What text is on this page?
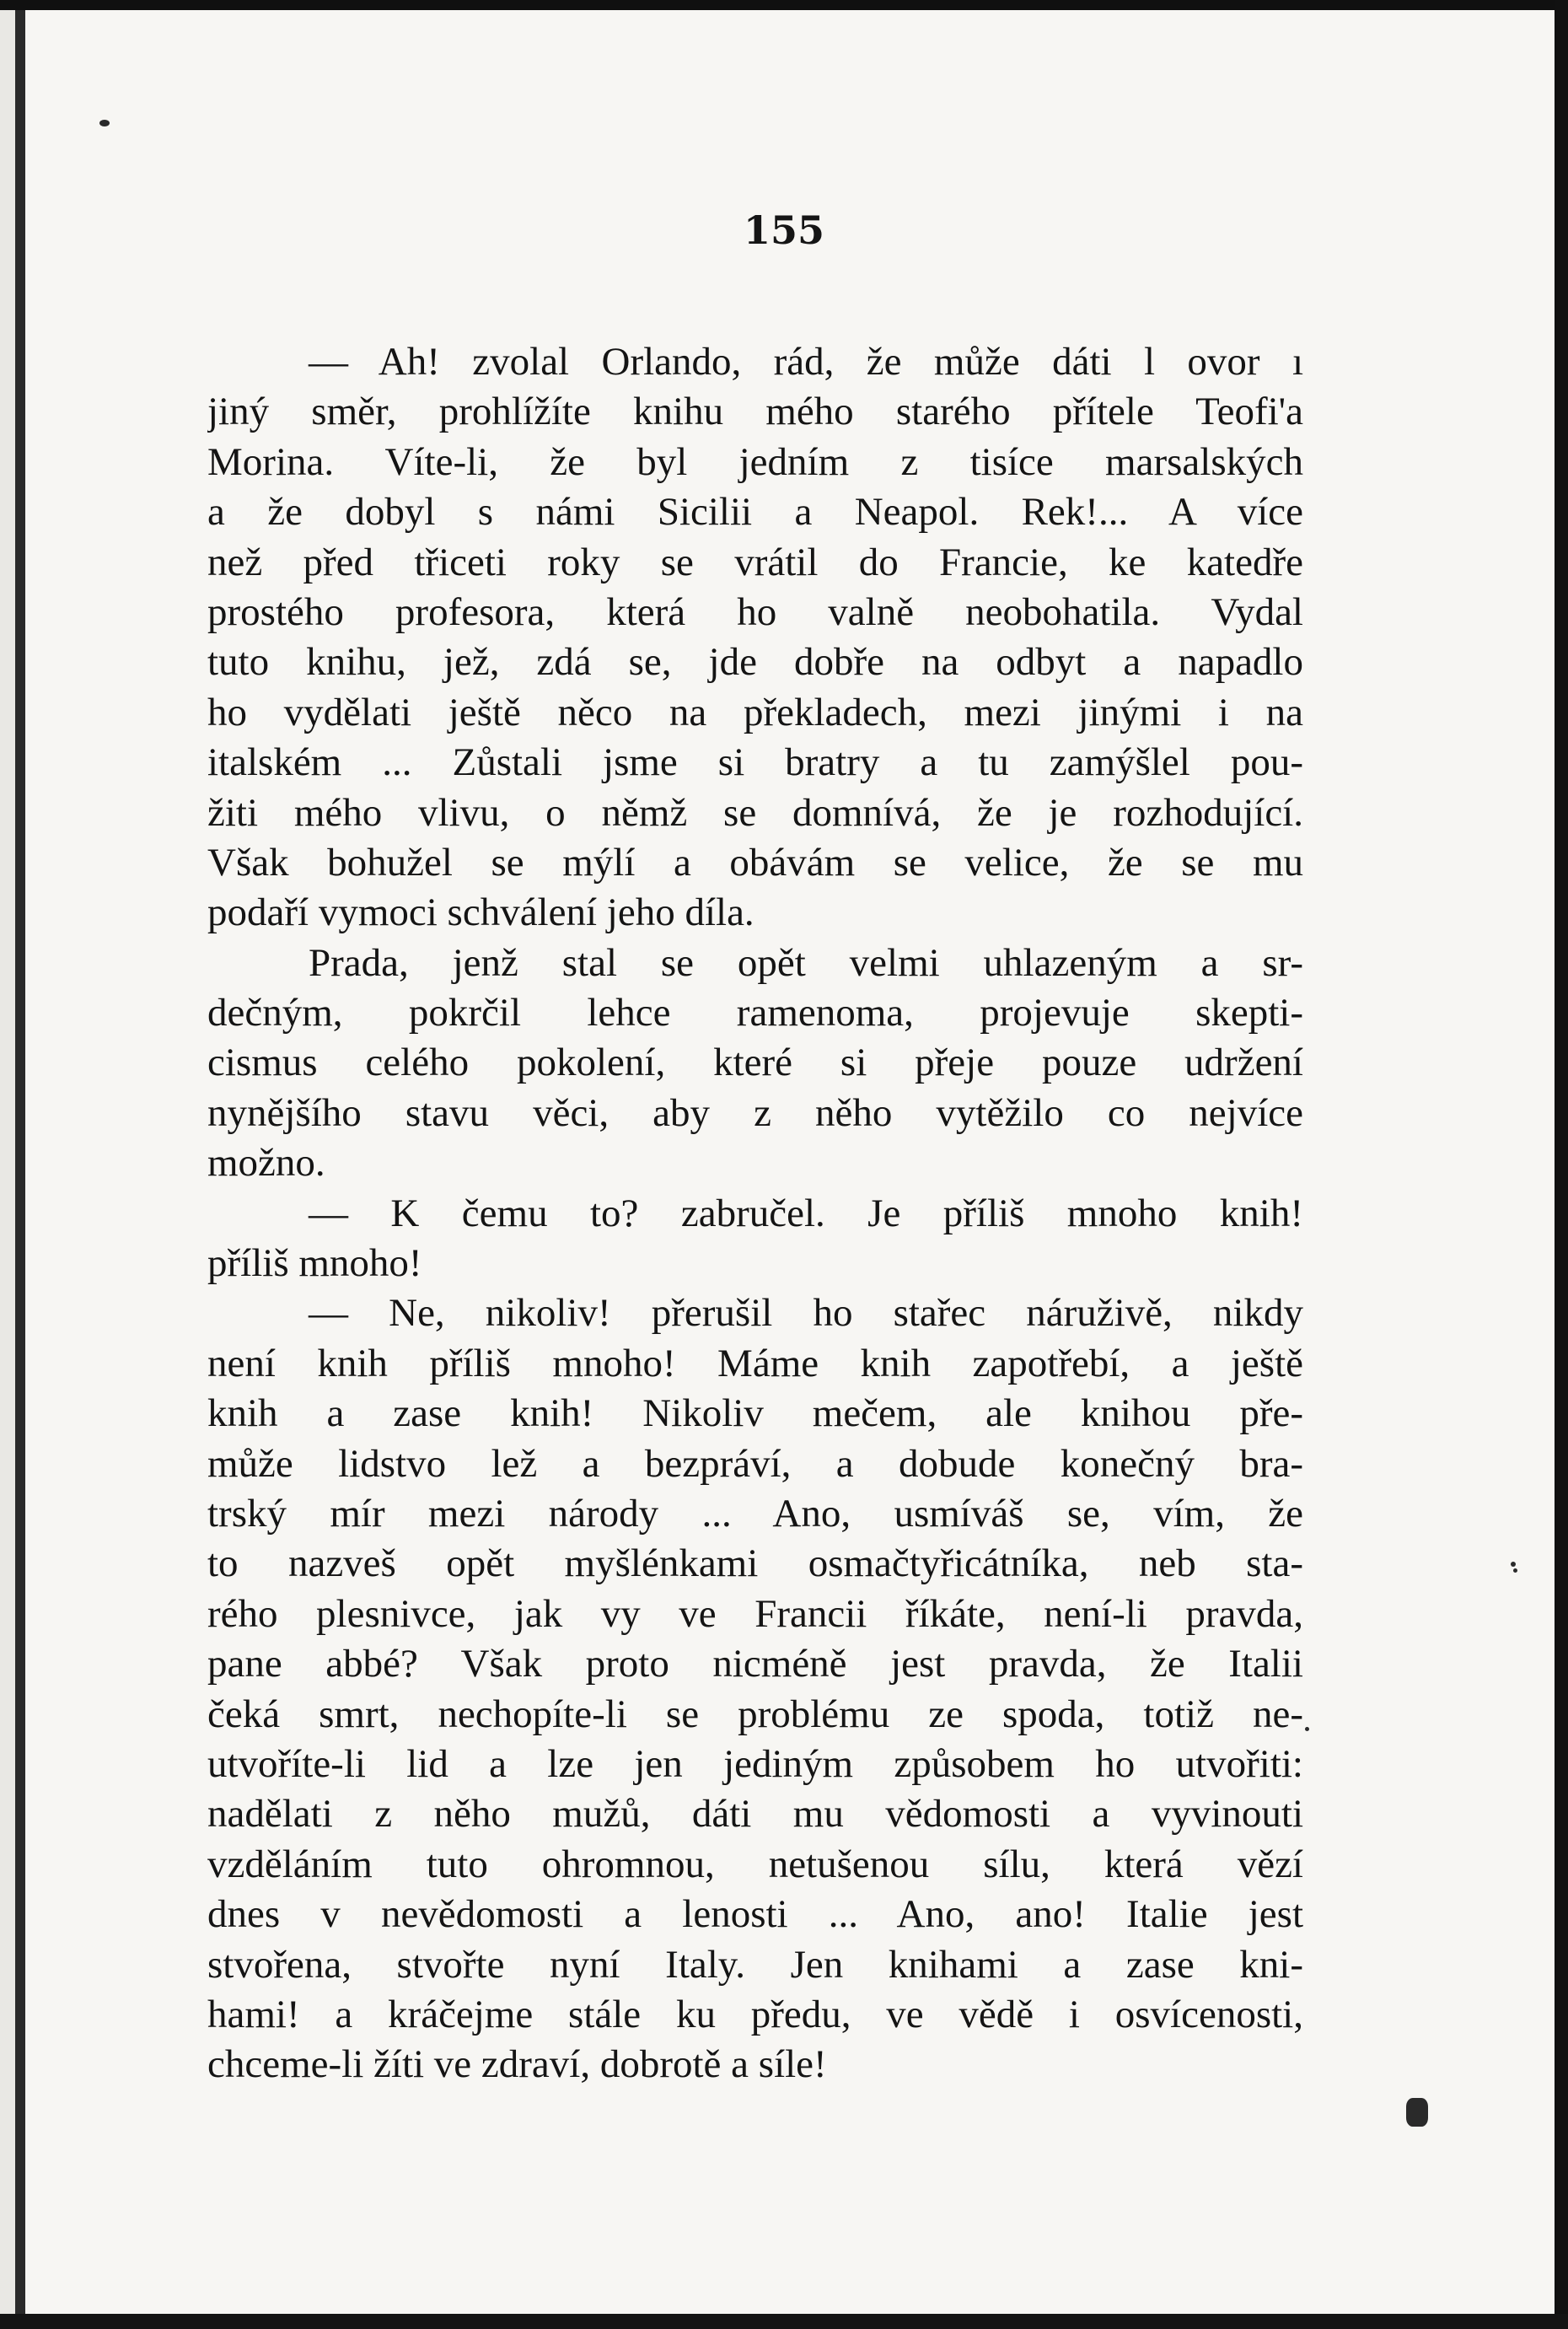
155
— Ah! zvolal Orlando, rád, že může dáti l ovor ı
jiný směr, prohlížíte knihu mého starého přítele Teofi'a
Morina. Víte-li, že byl jedním z tisíce marsalských
a že dobyl s námi Sicilii a Neapol. Rek!... A více
než před třiceti roky se vrátil do Francie, ke katedře
prostého profesora, která ho valně neobohatila. Vydal
tuto knihu, jež, zdá se, jde dobře na odbyt a napadlo
ho vydělati ještě něco na překladech, mezi jinými i na
italském ... Zůstali jsme si bratry a tu zamýšlel pou-
žiti mého vlivu, o němž se domnívá, že je rozhodující.
Však bohužel se mýlí a obávám se velice, že se mu
podaří vymoci schválení jeho díla.
Prada, jenž stal se opět velmi uhlazeným a sr-
dečným, pokrčil lehce ramenoma, projevuje skepti-
cismus celého pokolení, které si přeje pouze udržení
nynějšího stavu věci, aby z něho vytěžilo co nejvíce
možno.
— K čemu to? zabručel. Je příliš mnoho knih!
příliš mnoho!
— Ne, nikoliv! přerušil ho stařec náruživě, nikdy
není knih příliš mnoho! Máme knih zapotřebí, a ještě
knih a zase knih! Nikoliv mečem, ale knihou pře-
může lidstvo lež a bezpráví, a dobude konečný bra-
trský mír mezi národy ... Ano, usmíváš se, vím, že
to nazveš opět myšlénkami osmačtyřicátníka, neb sta-
rého plesnivce, jak vy ve Francii říkáte, není-li pravda,
pane abbé? Však proto nicméně jest pravda, že Italii
čeká smrt, nechopíte-li se problému ze spoda, totiž ne-
utvoříte-li lid a lze jen jediným způsobem ho utvořiti:
nadělati z něho mužů, dáti mu vědomosti a vyvinouti
vzděláním tuto ohromnou, netušenou sílu, která vězí
dnes v nevědomosti a lenosti ... Ano, ano! Italie jest
stvořena, stvořte nyní Italy. Jen knihami a zase kni-
hami! a kráčejme stále ku předu, ve vědě i osvícenosti,
chceme-li žíti ve zdraví, dobrotě a síle!
